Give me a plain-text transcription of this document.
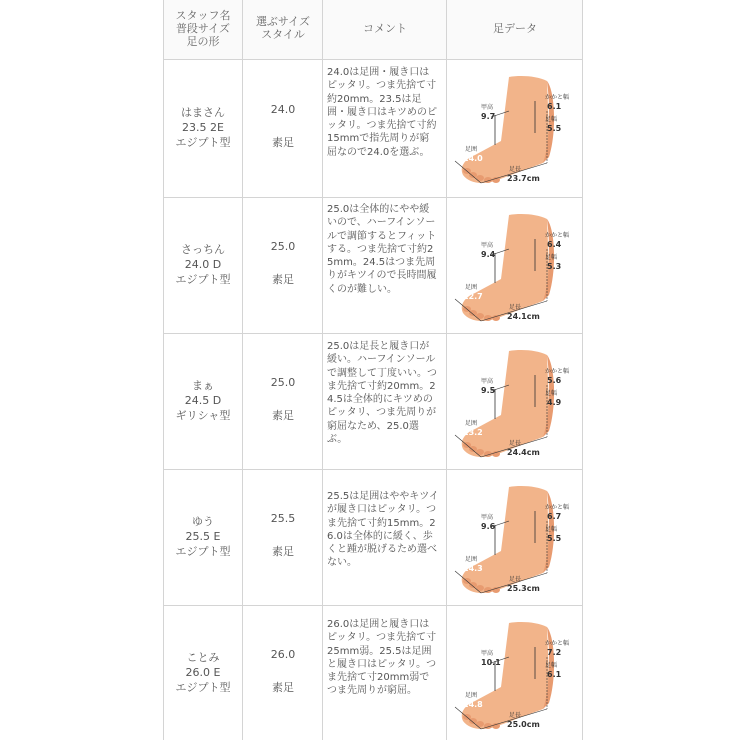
スタッフ名
普段サイズ
足の形
選ぶサイズ
スタイル	コメント	足データ
はまさん
23.5 2E
エジプト型
24.0
素足
24.0は足囲・履き口はピッタリ。つま先捨て寸約20mm。23.5は足囲・履き口はキツめのピッタリ。つま先捨て寸約15mmで指先周りが窮屈なので24.0を選ぶ。
甲高
9.7
かかと幅
6.1
足幅
5.5
足囲
24.0
足長
23.7cm
さっちん
24.0 D
エジプト型
25.0
素足
25.0は全体的にやや緩いので、ハーフインソールで調節するとフィットする。つま先捨て寸約25mm。24.5はつま先周りがキツイので長時間履くのが難しい。
甲高
9.4
かかと幅
6.4
足幅
5.3
足囲
22.7
足長
24.1cm
まぁ
24.5 D
ギリシャ型
25.0
素足
25.0は足長と履き口が緩い。ハーフインソールで調整して丁度いい。つま先捨て寸約20mm。24.5は全体的にキツめのピッタリ、つま先周りが窮屈なため、25.0選ぶ。
甲高
9.5
かかと幅
5.6
足幅
4.9
足囲
23.2
足長
24.4cm
ゆう
25.5 E
エジプト型
25.5
素足
25.5は足囲はややキツイが履き口はピッタリ。つま先捨て寸約15mm。26.0は全体的に緩く、歩くと踵が脱げるため選べない。
甲高
9.6
かかと幅
6.7
足幅
5.5
足囲
24.3
足長
25.3cm
ことみ
26.0 E
エジプト型
26.0
素足
26.0は足囲と履き口はピッタリ。つま先捨て寸25mm弱。25.5は足囲と履き口はピッタリ。つま先捨て寸20mm弱でつま先周りが窮屈。
甲高
10.1
かかと幅
7.2
足幅
6.1
足囲
24.8
足長
25.0cm
